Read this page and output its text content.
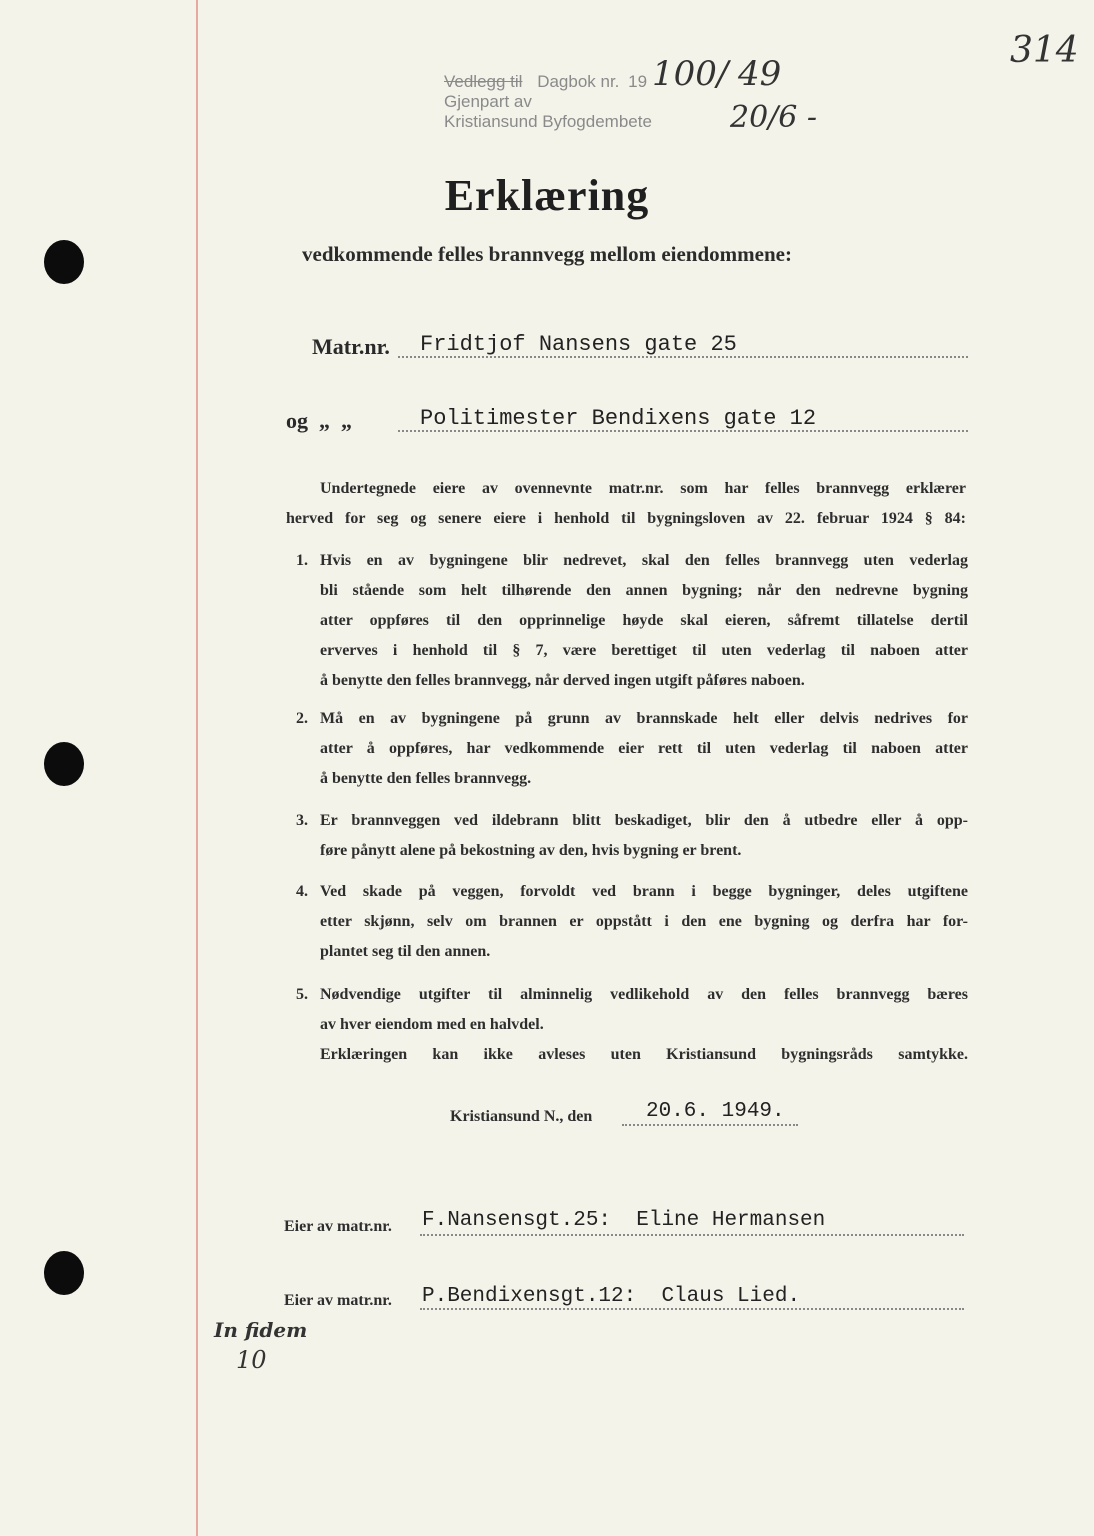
Vedlegg til Dagbok nr. 19
Gjenpart av
Kristiansund Byfogdembete
100/ 49
20/6 -
314
Erklæring
vedkommende felles brannvegg mellom eiendommene:
Matr.nr. Fridtjof Nansens gate 25
og  „  „	Politimester Bendixens gate 12
Undertegnede eiere av ovennevnte matr.nr. som har felles brannvegg erklærer
herved for seg og senere eiere i henhold til bygningsloven av 22. februar 1924 § 84:
1. Hvis en av bygningene blir nedrevet, skal den felles brannvegg uten vederlag
bli stående som helt tilhørende den annen bygning; når den nedrevne bygning
atter oppføres til den opprinnelige høyde skal eieren, såfremt tillatelse dertil
erverves i henhold til § 7, være berettiget til uten vederlag til naboen atter
å benytte den felles brannvegg, når derved ingen utgift påføres naboen.
2. Må en av bygningene på grunn av brannskade helt eller delvis nedrives for
atter å oppføres, har vedkommende eier rett til uten vederlag til naboen atter
å benytte den felles brannvegg.
3. Er brannveggen ved ildebrann blitt beskadiget, blir den å utbedre eller å opp-
føre pånytt alene på bekostning av den, hvis bygning er brent.
4. Ved skade på veggen, forvoldt ved brann i begge bygninger, deles utgiftene
etter skjønn, selv om brannen er oppstått i den ene bygning og derfra har for-
plantet seg til den annen.
5. Nødvendige utgifter til alminnelig vedlikehold av den felles brannvegg bæres
av hver eiendom med en halvdel.
Erklæringen kan ikke avleses uten Kristiansund bygningsråds samtykke.
Kristiansund N., den	20.6. 1949.
Eier av matr.nr. F.Nansensgt.25:  Eline Hermansen
Eier av matr.nr. P.Bendixensgt.12:  Claus Lied.
In fidem
10
